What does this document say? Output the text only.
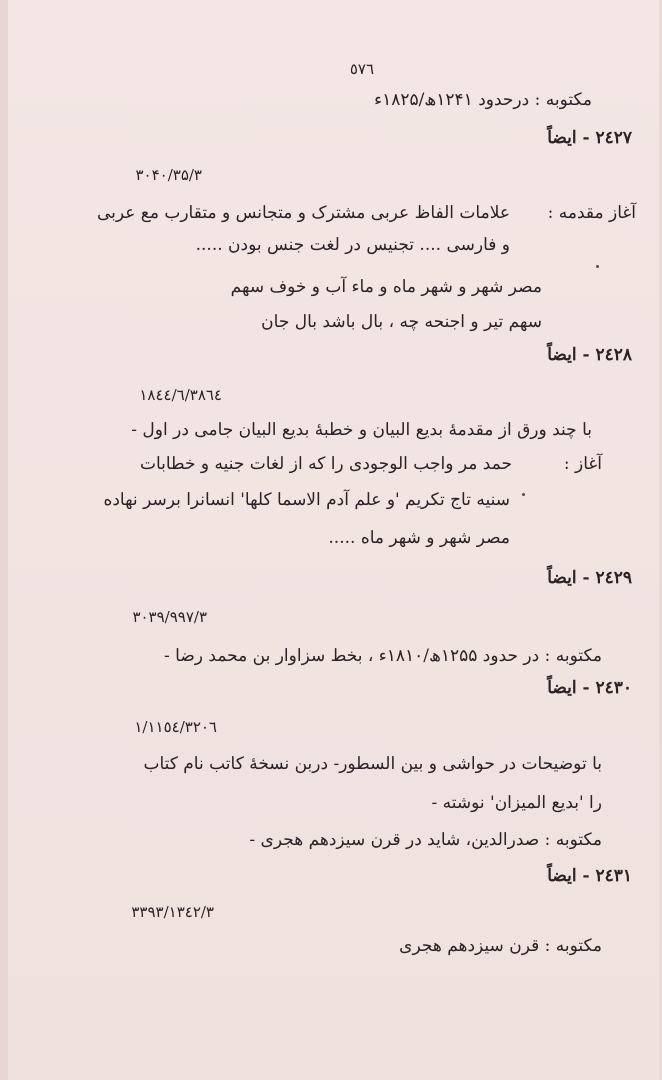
٥٧٦
مکتوبه : درحدود ۱۲۴۱ھ/۱۸۲۵ء
۲٤۲۷ - ایضاً
۳۰۴۰/۳۵/۳
آغاز مقدمه :
علامات الفاظ عربی مشترک و متجانس و متقارب مع عربی
و فارسی .... تجنیس در لغت جنس بودن .....
مصر شهر و شهر ماه و ماء آب و خوف سهم
سهم تیر و اجنحه چه ، بال باشد بال جان
۲٤۲۸ - ایضاً
۳۸٦٤/۱۸٤٤/٦
با چند ورق از مقدمهٔ بدیع البیان و خطبهٔ بدیع البیان جامی در اول -
آغاز :
حمد مر واجب الوجودی را که از لغات جنیه و خطابات
سنیه تاج تکریم 'و علم آدم الاسما کلها' انسانرا برسر نهاده
مصر شهر و شهر ماه .....
۲٤۲۹ - ایضاً
۳۰۳۹/۹۹۷/۳
مکتوبه : در حدود ۱۲۵۵ھ/۱۸۱۰ء ، بخط سزاوار بن محمد رضا -
۲٤۳۰ - ایضاً
۳۲۰٦/۱۱٥٤/۱
با توضیحات در حواشی و بین السطور- دربن نسخهٔ کاتب نام کتاب
را 'بدیع المیزان' نوشته -
مکتوبه : صدرالدین، شاید در قرن سیزدهم هجری -
۲٤۳۱ - ایضاً
۳۳۹۳/۱۳٤۲/۳
مکتوبه : قرن سیزدهم هجری
